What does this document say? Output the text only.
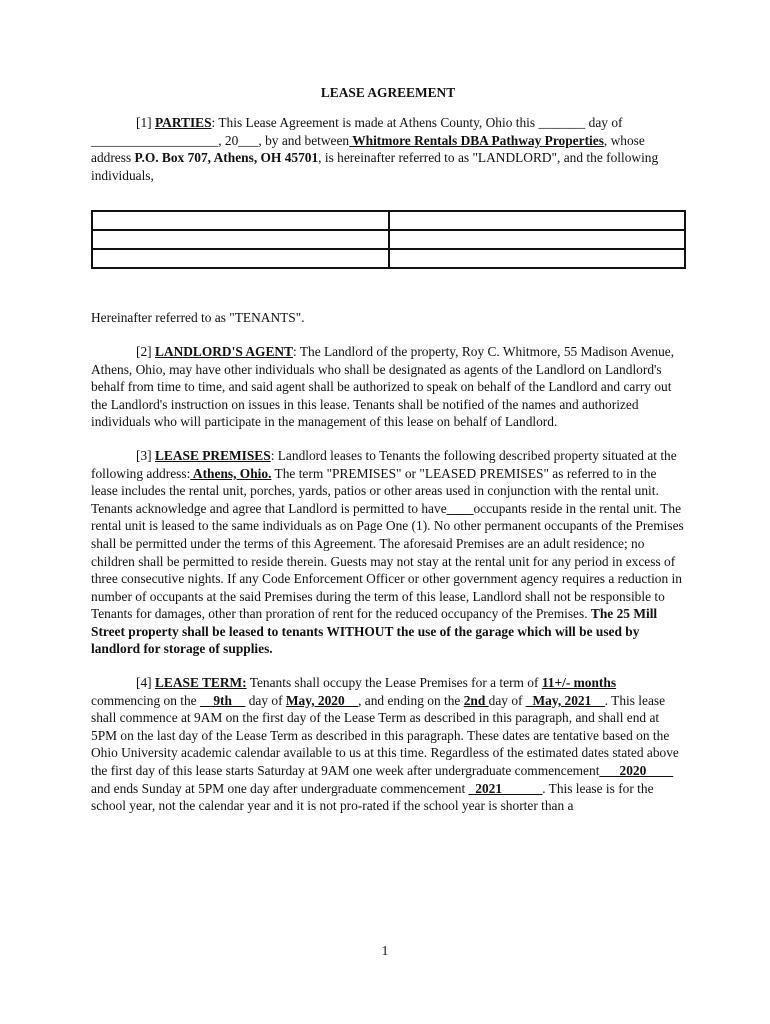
LEASE AGREEMENT

[1] PARTIES: This Lease Agreement is made at Athens County, Ohio this _______ day of ___________________, 20___, by and between Whitmore Rentals DBA Pathway Properties, whose address P.O. Box 707, Athens, OH 45701, is hereinafter referred to as "LANDLORD", and the following individuals,

Hereinafter referred to as "TENANTS".

[2] LANDLORD'S AGENT: The Landlord of the property, Roy C. Whitmore, 55 Madison Avenue, Athens, Ohio, may have other individuals who shall be designated as agents of the Landlord on Landlord's behalf from time to time, and said agent shall be authorized to speak on behalf of the Landlord and carry out the Landlord's instruction on issues in this lease. Tenants shall be notified of the names and authorized individuals who will participate in the management of this lease on behalf of Landlord.

[3] LEASE PREMISES: Landlord leases to Tenants the following described property situated at the following address: Athens, Ohio. The term "PREMISES" or "LEASED PREMISES" as referred to in the lease includes the rental unit, porches, yards, patios or other areas used in conjunction with the rental unit. Tenants acknowledge and agree that Landlord is permitted to have____occupants reside in the rental unit. The rental unit is leased to the same individuals as on Page One (1). No other permanent occupants of the Premises shall be permitted under the terms of this Agreement. The aforesaid Premises are an adult residence; no children shall be permitted to reside therein. Guests may not stay at the rental unit for any period in excess of three consecutive nights. If any Code Enforcement Officer or other government agency requires a reduction in number of occupants at the said Premises during the term of this lease, Landlord shall not be responsible to Tenants for damages, other than proration of rent for the reduced occupancy of the Premises. The 25 Mill Street property shall be leased to tenants WITHOUT the use of the garage which will be used by landlord for storage of supplies.

[4] LEASE TERM: Tenants shall occupy the Lease Premises for a term of 11+/- months commencing on the __9th__ day of May, 2020__, and ending on the 2nd day of _May, 2021__. This lease shall commence at 9AM on the first day of the Lease Term as described in this paragraph, and shall end at 5PM on the last day of the Lease Term as described in this paragraph. These dates are tentative based on the Ohio University academic calendar available to us at this time. Regardless of the estimated dates stated above the first day of this lease starts Saturday at 9AM one week after undergraduate commencement___2020____ and ends Sunday at 5PM one day after undergraduate commencement _2021______. This lease is for the school year, not the calendar year and it is not pro-rated if the school year is shorter than a

1
